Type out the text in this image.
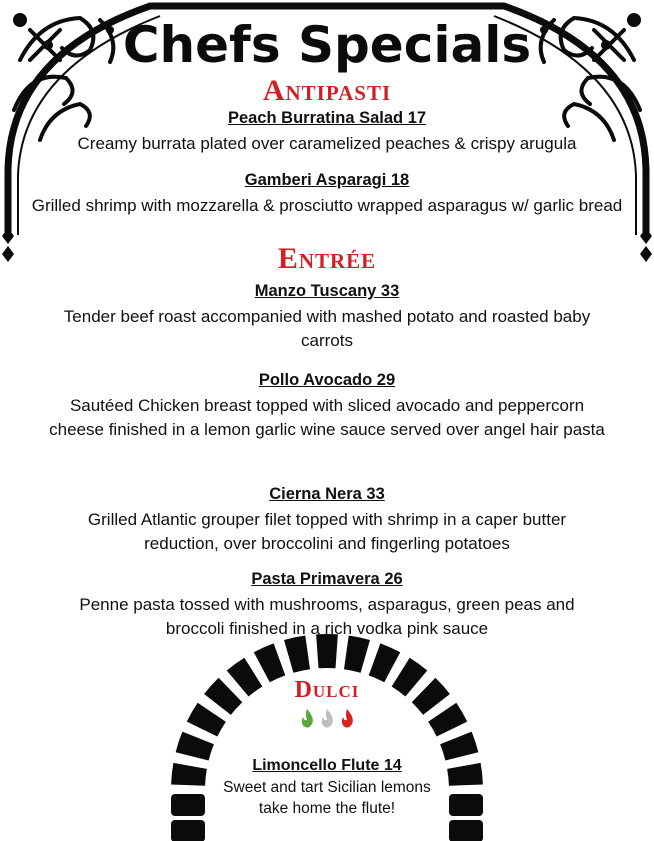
Chefs Specials
Antipasti
Peach Burratina Salad 17
Creamy burrata plated over caramelized peaches & crispy arugula
Gamberi Asparagi 18
Grilled shrimp with mozzarella & prosciutto wrapped asparagus w/ garlic bread
Entrée
Manzo Tuscany 33
Tender beef roast accompanied with mashed potato and roasted baby carrots
Pollo Avocado 29
Sautéed Chicken breast topped with sliced avocado and peppercorn cheese finished in a lemon garlic wine sauce served over angel hair pasta
Cierna Nera 33
Grilled Atlantic grouper filet topped with shrimp in a caper butter reduction, over broccolini and fingerling potatoes
Pasta Primavera 26
Penne pasta tossed with mushrooms, asparagus, green peas and broccoli finished in a rich vodka pink sauce
Dulci
Limoncello Flute 14
Sweet and tart Sicilian lemons
take home the flute!
